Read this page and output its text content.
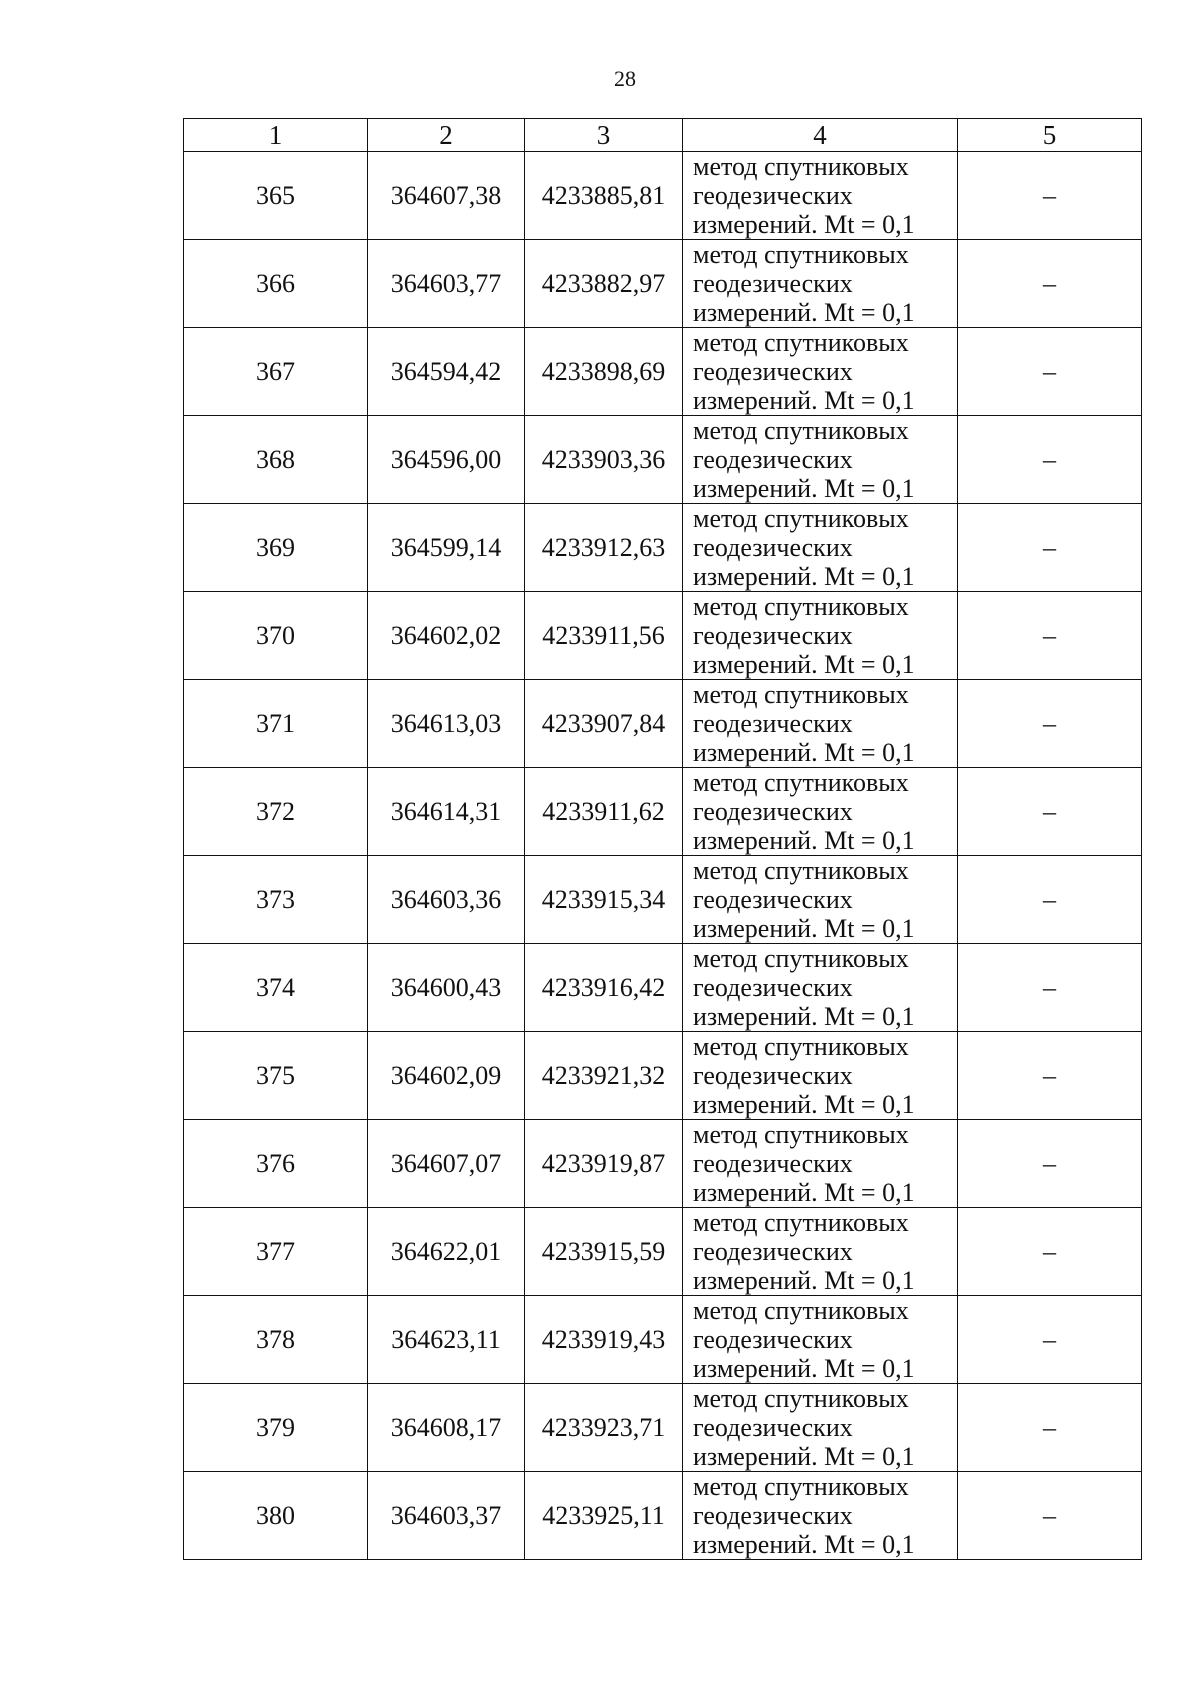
28
1	2	3	4	5
365	364607,38	4233885,81	метод спутниковых
геодезических
измерений. Mt = 0,1	–
366	364603,77	4233882,97	метод спутниковых
геодезических
измерений. Mt = 0,1	–
367	364594,42	4233898,69	метод спутниковых
геодезических
измерений. Mt = 0,1	–
368	364596,00	4233903,36	метод спутниковых
геодезических
измерений. Mt = 0,1	–
369	364599,14	4233912,63	метод спутниковых
геодезических
измерений. Mt = 0,1	–
370	364602,02	4233911,56	метод спутниковых
геодезических
измерений. Mt = 0,1	–
371	364613,03	4233907,84	метод спутниковых
геодезических
измерений. Mt = 0,1	–
372	364614,31	4233911,62	метод спутниковых
геодезических
измерений. Mt = 0,1	–
373	364603,36	4233915,34	метод спутниковых
геодезических
измерений. Mt = 0,1	–
374	364600,43	4233916,42	метод спутниковых
геодезических
измерений. Mt = 0,1	–
375	364602,09	4233921,32	метод спутниковых
геодезических
измерений. Mt = 0,1	–
376	364607,07	4233919,87	метод спутниковых
геодезических
измерений. Mt = 0,1	–
377	364622,01	4233915,59	метод спутниковых
геодезических
измерений. Mt = 0,1	–
378	364623,11	4233919,43	метод спутниковых
геодезических
измерений. Mt = 0,1	–
379	364608,17	4233923,71	метод спутниковых
геодезических
измерений. Mt = 0,1	–
380	364603,37	4233925,11	метод спутниковых
геодезических
измерений. Mt = 0,1	–
